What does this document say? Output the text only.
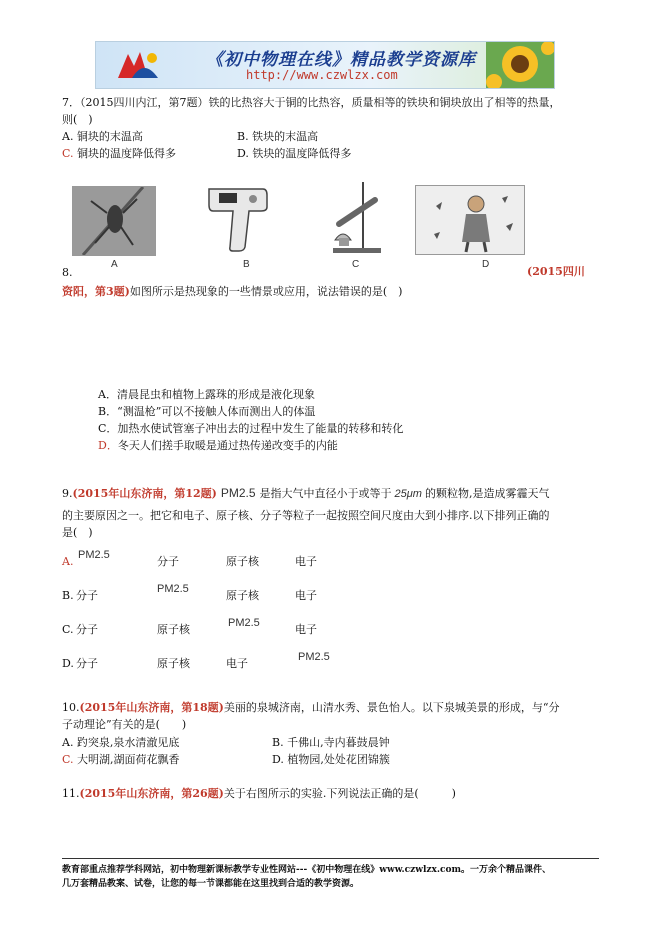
《初中物理在线》精品教学资源库
http://www.czwlzx.com
7．（2015四川内江，第7题）铁的比热容大于铜的比热容，质量相等的铁块和铜块放出了相等的热量，
则(　)
A. 铜块的末温高	B. 铁块的末温高
C. 铜块的温度降低得多	D. 铁块的温度降低得多
A	B	C	D
8.	(2015四川
资阳，第3题)如图所示是热现象的一些情景或应用，说法错误的是(　)
A．清晨昆虫和植物上露珠的形成是液化现象
B．“测温枪”可以不接触人体而测出人的体温
C．加热水使试管塞子冲出去的过程中发生了能量的转移和转化
D．冬天人们搓手取暖是通过热传递改变手的内能
9.(2015年山东济南，第12题) PM2.5 是指大气中直径小于或等于 25μm 的颗粒物,是造成雾霾天气
的主要原因之一。把它和电子、原子核、分子等粒子一起按照空间尺度由大到小排序.以下排列正确的
是(　)
A. PM2.5	分子	原子核	电子
B. 分子	PM2.5	原子核	电子
C. 分子	原子核	PM2.5	电子
D. 分子	原子核	电子	PM2.5
10.(2015年山东济南，第18题)美丽的泉城济南，山清水秀、景色怡人。以下泉城美景的形成，与“分
子动理论”有关的是(　　)
A. 趵突泉,泉水清澈见底	B. 千佛山,寺内暮鼓晨钟
C. 大明湖,湖面荷花飘香	D. 植物园,处处花团锦簇
11.(2015年山东济南，第26题)关于右图所示的实验.下列说法正确的是(　　　)
教育部重点推荐学科网站，初中物理新课标教学专业性网站---《初中物理在线》www.czwlzx.com。一万余个精品课件、
几万套精品教案、试卷，让您的每一节课都能在这里找到合适的教学资源。
